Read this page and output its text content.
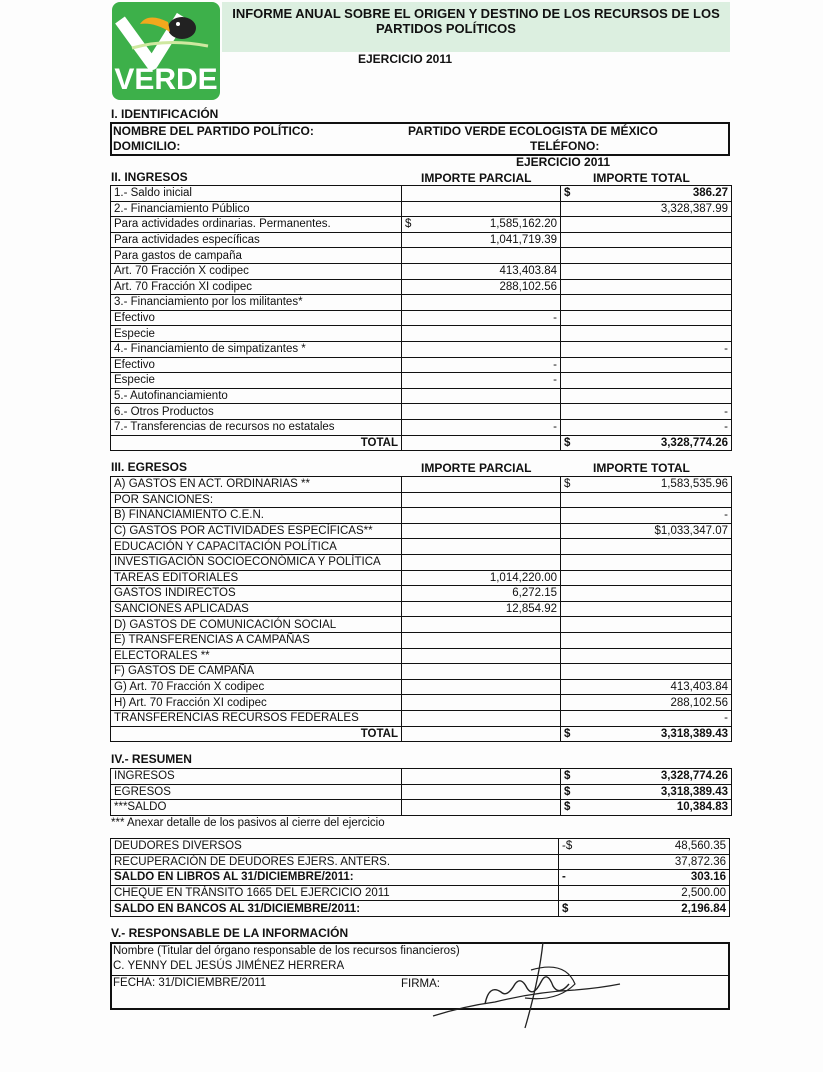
VERDE
INFORME ANUAL SOBRE EL ORIGEN Y DESTINO DE LOS RECURSOS DE LOS
PARTIDOS POLÍTICOS
EJERCICIO 2011
I. IDENTIFICACIÓN
NOMBRE DEL PARTIDO POLÍTICO:	PARTIDO VERDE ECOLOGISTA DE MÉXICO
DOMICILIO:	TELÉFONO:
EJERCICIO 2011
II. INGRESOS	IMPORTE PARCIAL	IMPORTE TOTAL
1.- Saldo inicial		$ 386.27
2.- Financiamiento Público		3,328,387.99
Para actividades ordinarias. Permanentes.	$ 1,585,162.20	
Para actividades específicas	1,041,719.39	
Para gastos de campaña		
Art. 70 Fracción X codipec	413,403.84	
Art. 70 Fracción XI codipec	288,102.56	
3.- Financiamiento por los militantes*		
Efectivo	-	
Especie		
4.- Financiamiento de simpatizantes *		-
Efectivo	-	
Especie	-	
5.- Autofinanciamiento		
6.- Otros Productos		-
7.- Transferencias de recursos no estatales	-	-
TOTAL		$ 3,328,774.26
III. EGRESOS	IMPORTE PARCIAL	IMPORTE TOTAL
A) GASTOS EN ACT. ORDINARIAS **		$ 1,583,535.96
POR SANCIONES:		
B) FINANCIAMIENTO C.E.N.		-
C) GASTOS POR ACTIVIDADES ESPECÍFICAS**		$1,033,347.07
EDUCACIÓN Y CAPACITACIÓN POLÍTICA		
INVESTIGACIÓN SOCIOECONÓMICA Y POLÍTICA		
TAREAS EDITORIALES	1,014,220.00	
GASTOS INDIRECTOS	6,272.15	
SANCIONES APLICADAS	12,854.92	
D) GASTOS DE COMUNICACIÓN SOCIAL		
E) TRANSFERENCIAS A CAMPAÑAS		
ELECTORALES **		
F) GASTOS DE CAMPAÑA		
G) Art. 70 Fracción X codipec		413,403.84
H) Art. 70 Fracción XI codipec		288,102.56
TRANSFERENCIAS RECURSOS FEDERALES		-
TOTAL		$ 3,318,389.43
IV.- RESUMEN
INGRESOS		$ 3,328,774.26
EGRESOS		$ 3,318,389.43
***SALDO		$ 10,384.83
*** Anexar detalle de los pasivos al cierre del ejercicio
DEUDORES DIVERSOS	-$ 48,560.35
RECUPERACIÓN DE DEUDORES EJERS. ANTERS.	37,872.36
SALDO EN LIBROS AL 31/DICIEMBRE/2011:	- 303.16
CHEQUE EN TRÁNSITO 1665 DEL EJERCICIO 2011	2,500.00
SALDO EN BANCOS AL 31/DICIEMBRE/2011:	$ 2,196.84
V.- RESPONSABLE DE LA INFORMACIÓN
Nombre (Titular del órgano responsable de los recursos financieros)
C. YENNY DEL JESÚS JIMÉNEZ HERRERA
FECHA: 31/DICIEMBRE/2011	FIRMA:
